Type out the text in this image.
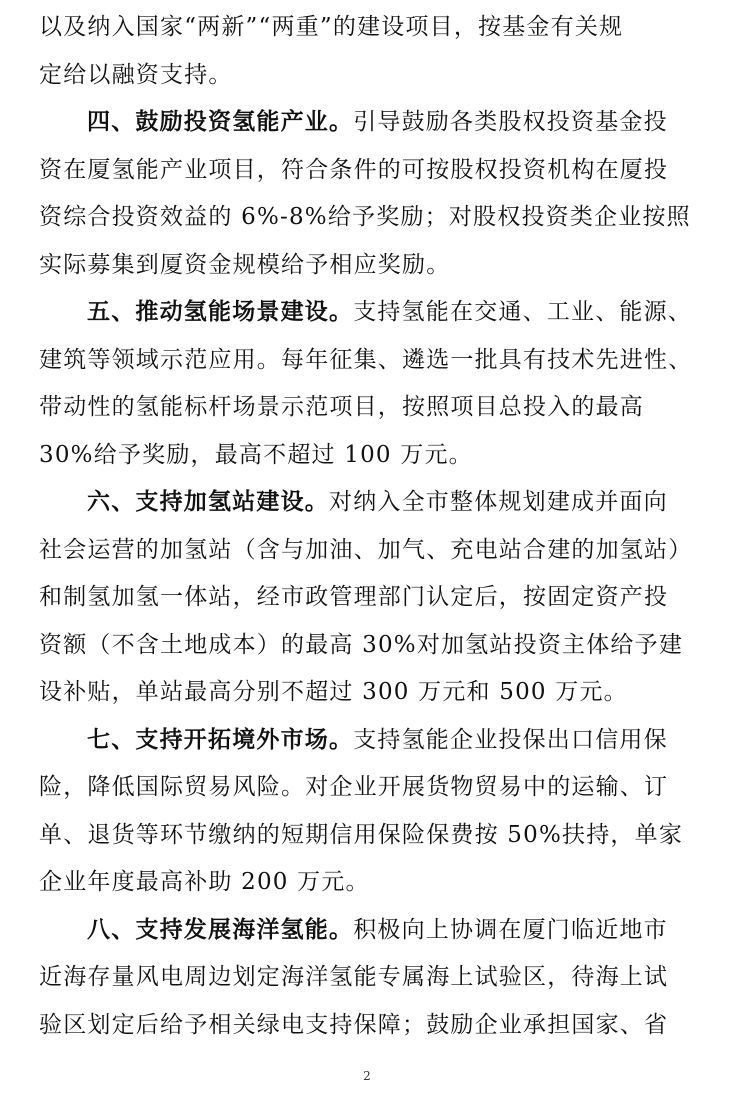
以及纳入国家“两新”“两重”的建设项目，按基金有关规
定给以融资支持。
四、鼓励投资氢能产业。引导鼓励各类股权投资基金投
资在厦氢能产业项目，符合条件的可按股权投资机构在厦投
资综合投资效益的 6%-8%给予奖励；对股权投资类企业按照
实际募集到厦资金规模给予相应奖励。
五、推动氢能场景建设。支持氢能在交通、工业、能源、
建筑等领域示范应用。每年征集、遴选一批具有技术先进性、
带动性的氢能标杆场景示范项目，按照项目总投入的最高
30%给予奖励，最高不超过 100 万元。
六、支持加氢站建设。对纳入全市整体规划建成并面向
社会运营的加氢站（含与加油、加气、充电站合建的加氢站）
和制氢加氢一体站，经市政管理部门认定后，按固定资产投
资额（不含土地成本）的最高 30%对加氢站投资主体给予建
设补贴，单站最高分别不超过 300 万元和 500 万元。
七、支持开拓境外市场。支持氢能企业投保出口信用保
险，降低国际贸易风险。对企业开展货物贸易中的运输、订
单、退货等环节缴纳的短期信用保险保费按 50%扶持，单家
企业年度最高补助 200 万元。
八、支持发展海洋氢能。积极向上协调在厦门临近地市
近海存量风电周边划定海洋氢能专属海上试验区，待海上试
验区划定后给予相关绿电支持保障；鼓励企业承担国家、省
2
